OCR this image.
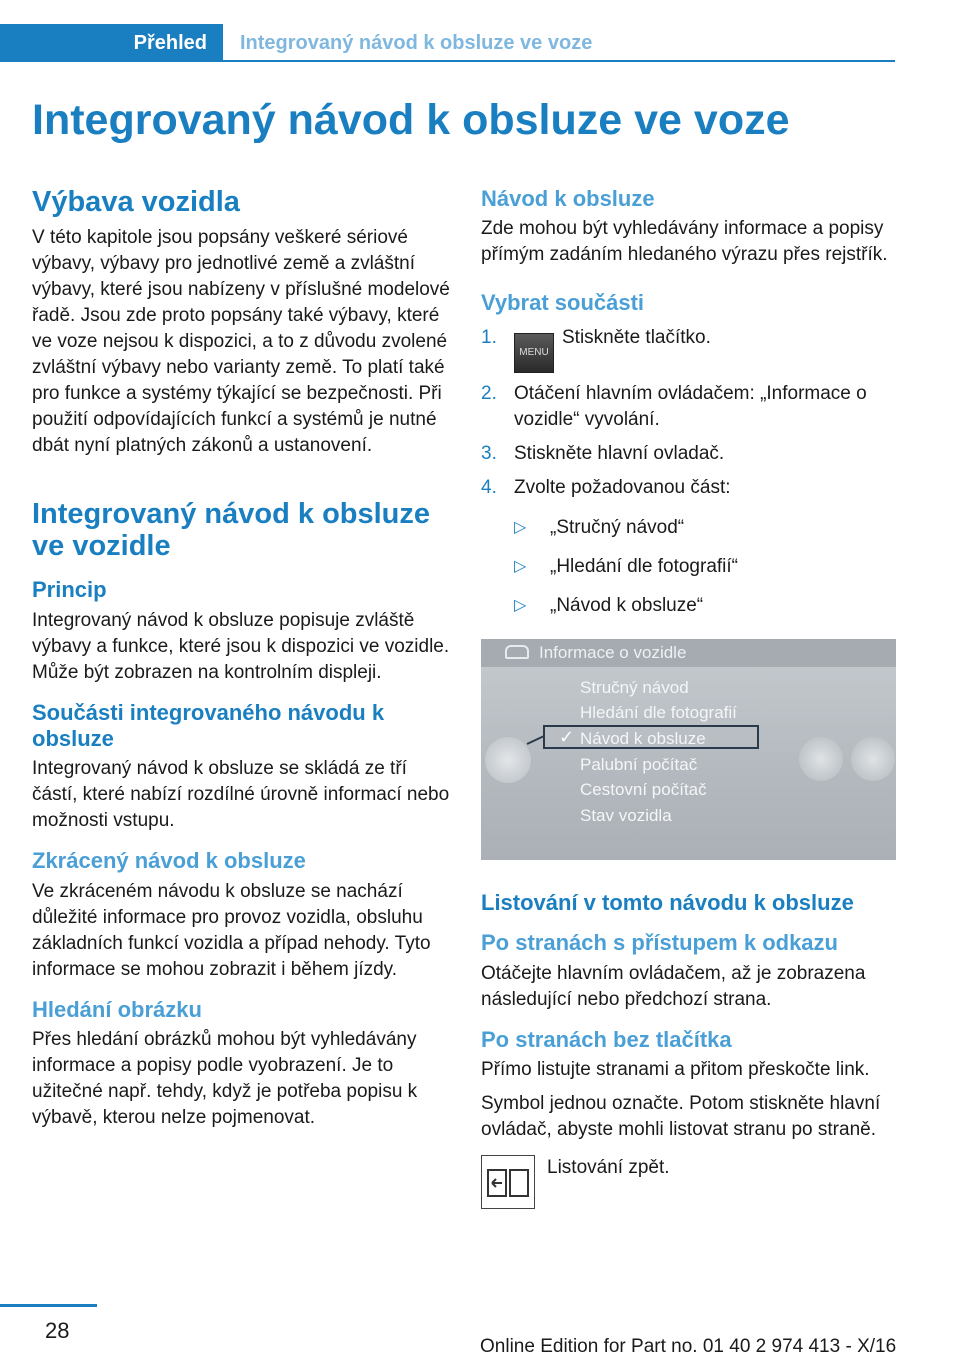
Přehled	Integrovaný návod k obsluze ve voze
Integrovaný návod k obsluze ve voze
Výbava vozidla

V této kapitole jsou popsány veškeré sériové výbavy, výbavy pro jednotlivé země a zvláštní výbavy, které jsou nabízeny v příslušné modelové řadě. Jsou zde proto popsány také výbavy, které ve voze nejsou k dispozici, a to z důvodu zvolené zvláštní výbavy nebo varianty země. To platí také pro funkce a systémy týkající se bezpečnosti. Při použití odpovídajících funkcí a systémů je nutné dbát nyní platných zákonů a ustanovení.

Integrovaný návod k obsluze ve vozidle
Princip

Integrovaný návod k obsluze popisuje zvláště výbavy a funkce, které jsou k dispozici ve vozidle. Může být zobrazen na kontrolním displeji.

Součásti integrovaného návodu k obsluze

Integrovaný návod k obsluze se skládá ze tří částí, které nabízí rozdílné úrovně informací nebo možnosti vstupu.

Zkrácený návod k obsluze

Ve zkráceném návodu k obsluze se nachází důležité informace pro provoz vozidla, obsluhu základních funkcí vozidla a případ nehody. Tyto informace se mohou zobrazit i během jízdy.

Hledání obrázku

Přes hledání obrázků mohou být vyhledávány informace a popisy podle vyobrazení. Je to užitečné např. tehdy, když je potřeba popisu k výbavě, kterou nelze pojmenovat.

Návod k obsluze

Zde mohou být vyhledávány informace a popisy přímým zadáním hledaného výrazu přes rejstřík.

Vybrat součásti
1.
MENUStiskněte tlačítko.
2. Otáčení hlavním ovládačem: „Informace o vozidle“ vyvolání.
3. Stiskněte hlavní ovladač.
4. Zvolte požadovanou část:
▷ „Stručný návod“
▷ „Hledání dle fotografií“
▷ „Návod k obsluze“
Informace o vozidle
✓
Stručný návod
Hledání dle fotografií
Návod k obsluze
Palubní počítač
Cestovní počítač
Stav vozidla
Listování v tomto návodu k obsluze
Po stranách s přístupem k odkazu

Otáčejte hlavním ovládačem, až je zobrazena následující nebo předchozí strana.

Po stranách bez tlačítka

Přímo listujte stranami a přitom přeskočte link.

Symbol jednou označte. Potom stiskněte hlavní ovládač, abyste mohli listovat stranu po straně.

Listování zpět.
28
Online Edition for Part no. 01 40 2 974 413 - X/16
